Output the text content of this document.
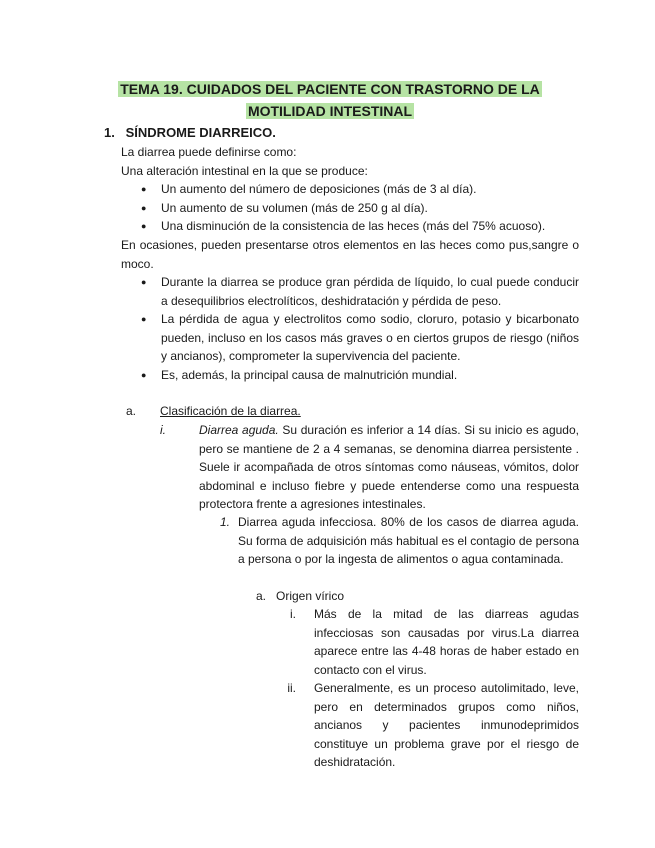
TEMA 19. CUIDADOS DEL PACIENTE CON TRASTORNO DE LA
MOTILIDAD INTESTINAL
1. SÍNDROME DIARREICO.
La diarrea puede definirse como:
Una alteración intestinal en la que se produce:
● Un aumento del número de deposiciones (más de 3 al día).
● Un aumento de su volumen (más de 250 g al día).
● Una disminución de la consistencia de las heces (más del 75% acuoso).
En ocasiones, pueden presentarse otros elementos en las heces como pus,sangre o moco.
● Durante la diarrea se produce gran pérdida de líquido, lo cual puede conducir a desequilibrios electrolíticos, deshidratación y pérdida de peso.
● La pérdida de agua y electrolitos como sodio, cloruro, potasio y bicarbonato pueden, incluso en los casos más graves o en ciertos grupos de riesgo (niños y ancianos), comprometer la supervivencia del paciente.
● Es, además, la principal causa de malnutrición mundial.
a.	Clasificación de la diarrea.
i.	Diarrea aguda. Su duración es inferior a 14 días. Si su inicio es agudo, pero se mantiene de 2 a 4 semanas, se denomina diarrea persistente . Suele ir acompañada de otros síntomas como náuseas, vómitos, dolor abdominal e incluso fiebre y puede entenderse como una respuesta protectora frente a agresiones intestinales.
1. Diarrea aguda infecciosa. 80% de los casos de diarrea aguda. Su forma de adquisición más habitual es el contagio de persona a persona o por la ingesta de alimentos o agua contaminada.
a. Origen vírico
i. Más de la mitad de las diarreas agudas infecciosas son causadas por virus.La diarrea aparece entre las 4-48 horas de haber estado en contacto con el virus.
ii. Generalmente, es un proceso autolimitado, leve, pero en determinados grupos como niños, ancianos y pacientes inmunodeprimidos constituye un problema grave por el riesgo de deshidratación.
